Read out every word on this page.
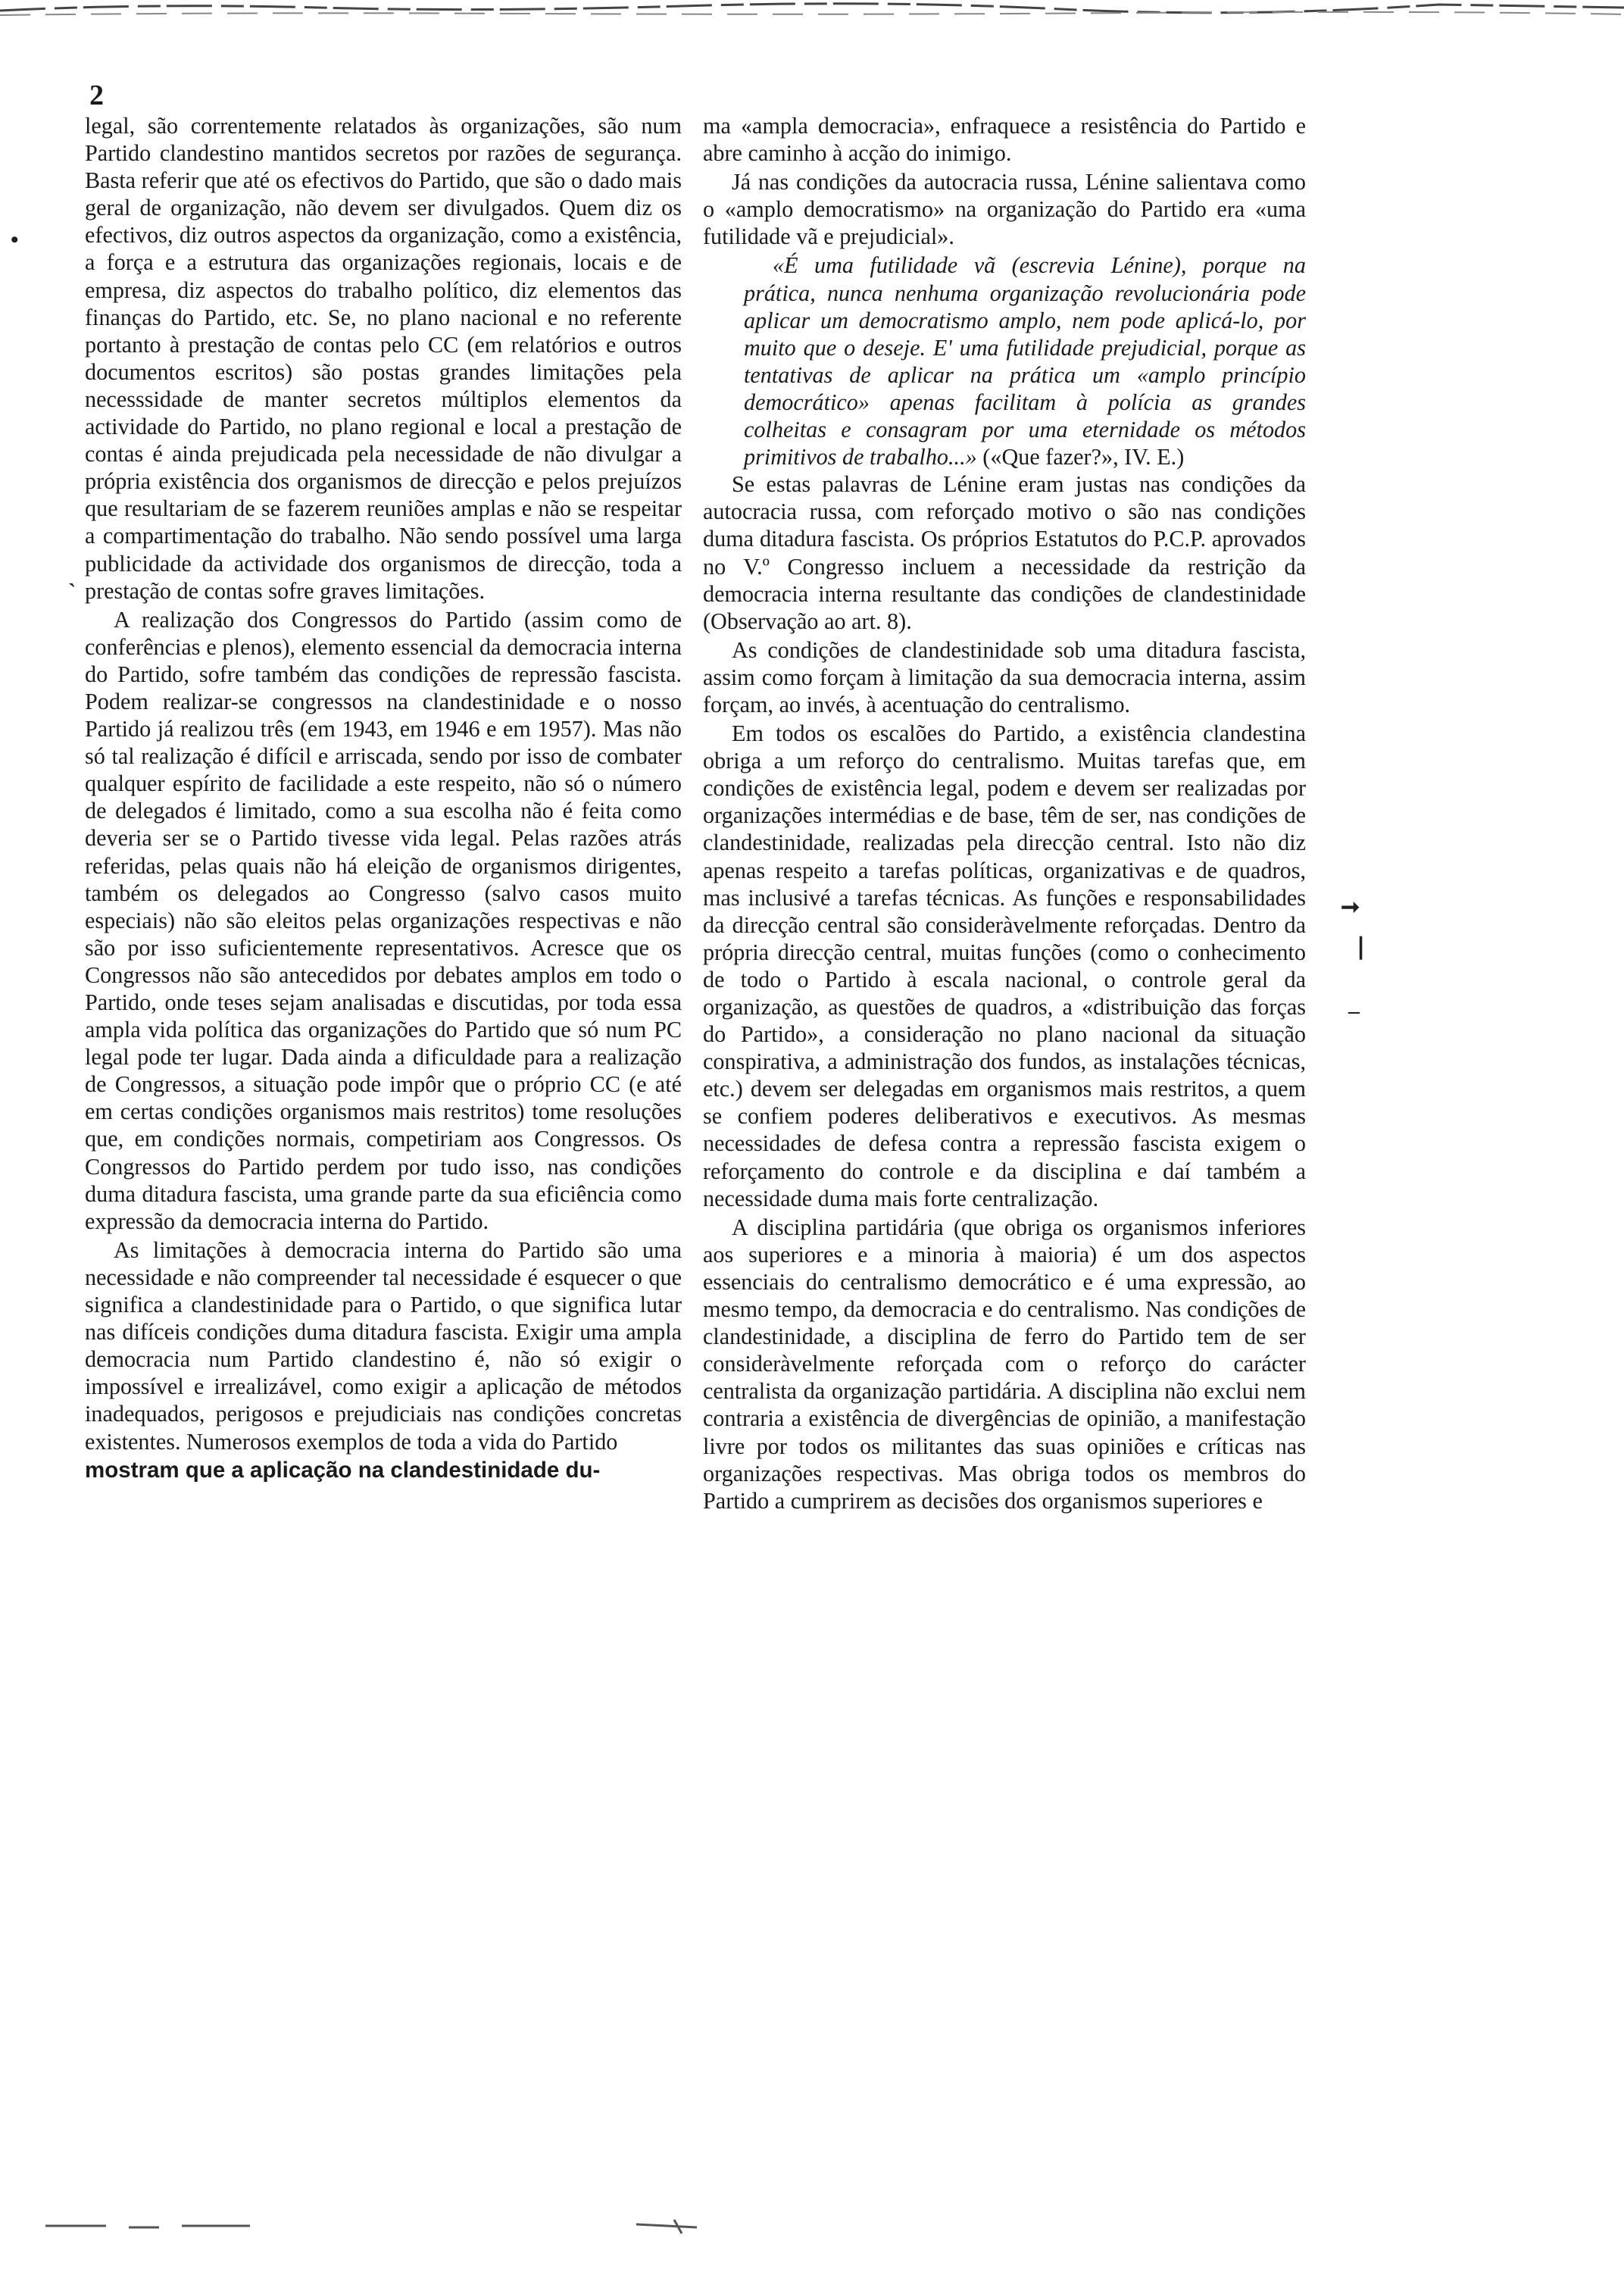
2

legal, são correntemente relatados às organizações, são num Partido clandestino mantidos secretos por razões de segurança. Basta referir que até os efectivos do Partido, que são o dado mais geral de organização, não devem ser divulgados. Quem diz os efectivos, diz outros aspectos da organização, como a existência, a força e a estrutura das organizações regionais, locais e de empresa, diz aspectos do trabalho político, diz elementos das finanças do Partido, etc. Se, no plano nacional e no referente portanto à prestação de contas pelo CC (em relatórios e outros documentos escritos) são postas grandes limitações pela necesssidade de manter secretos múltiplos elementos da actividade do Partido, no plano regional e local a prestação de contas é ainda prejudicada pela necessidade de não divulgar a própria existência dos organismos de direcção e pelos prejuízos que resultariam de se fazerem reuniões amplas e não se respeitar a compartimentação do trabalho. Não sendo possível uma larga publicidade da actividade dos organismos de direcção, toda a prestação de contas sofre graves limitações.

A realização dos Congressos do Partido (assim como de conferências e plenos), elemento essencial da democracia interna do Partido, sofre também das condições de repressão fascista. Podem realizar-se congressos na clandestinidade e o nosso Partido já realizou três (em 1943, em 1946 e em 1957). Mas não só tal realização é difícil e arriscada, sendo por isso de combater qualquer espírito de facilidade a este respeito, não só o número de delegados é limitado, como a sua escolha não é feita como deveria ser se o Partido tivesse vida legal. Pelas razões atrás referidas, pelas quais não há eleição de organismos dirigentes, também os delegados ao Congresso (salvo casos muito especiais) não são eleitos pelas organizações respectivas e não são por isso suficientemente representativos. Acresce que os Congressos não são antecedidos por debates amplos em todo o Partido, onde teses sejam analisadas e discutidas, por toda essa ampla vida política das organizações do Partido que só num PC legal pode ter lugar. Dada ainda a dificuldade para a realização de Congressos, a situação pode impôr que o próprio CC (e até em certas condições organismos mais restritos) tome resoluções que, em condições normais, competiriam aos Congressos. Os Congressos do Partido perdem por tudo isso, nas condições duma ditadura fascista, uma grande parte da sua eficiência como expressão da democracia interna do Partido.

As limitações à democracia interna do Partido são uma necessidade e não compreender tal necessidade é esquecer o que significa a clandestinidade para o Partido, o que significa lutar nas difíceis condições duma ditadura fascista. Exigir uma ampla democracia num Partido clandestino é, não só exigir o impossível e irrealizável, como exigir a aplicação de métodos inadequados, perigosos e prejudiciais nas condições concretas existentes. Numerosos exemplos de toda a vida do Partido

mostram que a aplicação na clandestinidade du-

ma «ampla democracia», enfraquece a resistência do Partido e abre caminho à acção do inimigo.

Já nas condições da autocracia russa, Lénine salientava como o «amplo democratismo» na organização do Partido era «uma futilidade vã e prejudicial».

«É uma futilidade vã (escrevia Lénine), porque na prática, nunca nenhuma organização revolucionária pode aplicar um democratismo amplo, nem pode aplicá-lo, por muito que o deseje. E' uma futilidade prejudicial, porque as tentativas de aplicar na prática um «amplo princípio democrático» apenas facilitam à polícia as grandes colheitas e consagram por uma eternidade os métodos primitivos de trabalho...» («Que fazer?», IV. E.)

Se estas palavras de Lénine eram justas nas condições da autocracia russa, com reforçado motivo o são nas condições duma ditadura fascista. Os próprios Estatutos do P.C.P. aprovados no V.º Congresso incluem a necessidade da restrição da democracia interna resultante das condições de clandestinidade (Observação ao art. 8).

As condições de clandestinidade sob uma ditadura fascista, assim como forçam à limitação da sua democracia interna, assim forçam, ao invés, à acentuação do centralismo.

Em todos os escalões do Partido, a existência clandestina obriga a um reforço do centralismo. Muitas tarefas que, em condições de existência legal, podem e devem ser realizadas por organizações intermédias e de base, têm de ser, nas condições de clandestinidade, realizadas pela direcção central. Isto não diz apenas respeito a tarefas políticas, organizativas e de quadros, mas inclusivé a tarefas técnicas. As funções e responsabilidades da direcção central são consideràvelmente reforçadas. Dentro da própria direcção central, muitas funções (como o conhecimento de todo o Partido à escala nacional, o controle geral da organização, as questões de quadros, a «distribuição das forças do Partido», a consideração no plano nacional da situação conspirativa, a administração dos fundos, as instalações técnicas, etc.) devem ser delegadas em organismos mais restritos, a quem se confiem poderes deliberativos e executivos. As mesmas necessidades de defesa contra a repressão fascista exigem o reforçamento do controle e da disciplina e daí também a necessidade duma mais forte centralização.

A disciplina partidária (que obriga os organismos inferiores aos superiores e a minoria à maioria) é um dos aspectos essenciais do centralismo democrático e é uma expressão, ao mesmo tempo, da democracia e do centralismo. Nas condições de clandestinidade, a disciplina de ferro do Partido tem de ser consideràvelmente reforçada com o reforço do carácter centralista da organização partidária. A disciplina não exclui nem contraria a existência de divergências de opinião, a manifestação livre por todos os militantes das suas opiniões e críticas nas organizações respectivas. Mas obriga todos os membros do Partido a cumprirem as decisões dos organismos superiores e

➞
❘
‒
•
ˎ
